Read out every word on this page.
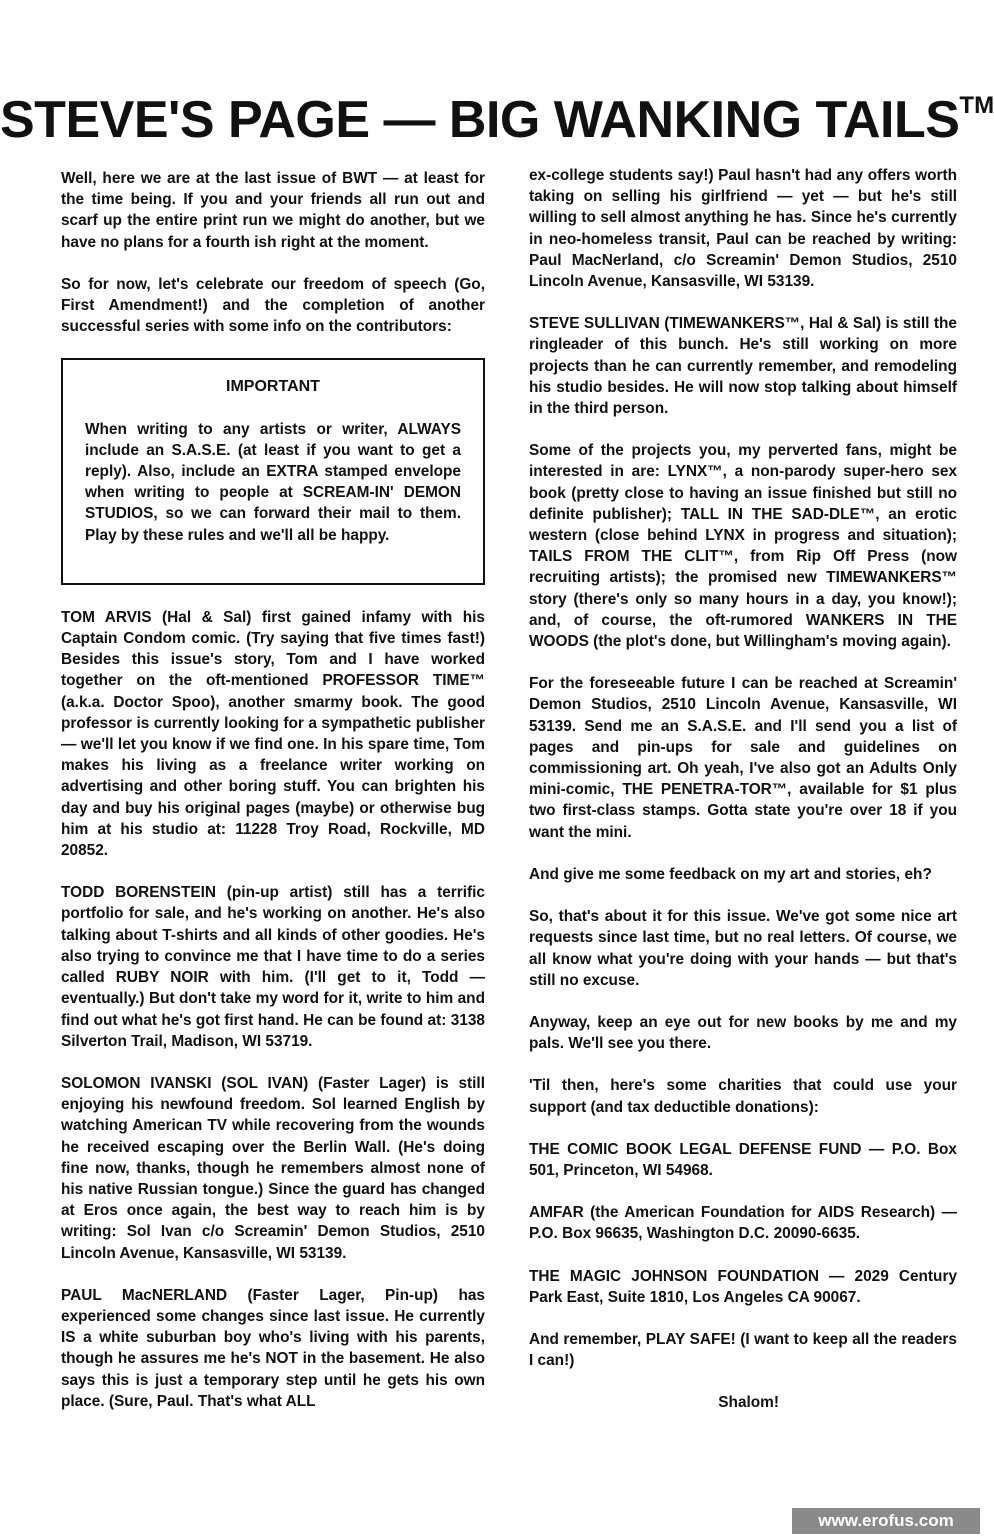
STEVE'S PAGE — BIG WANKING TAILS™

Well, here we are at the last issue of BWT — at least for the time being. If you and your friends all run out and scarf up the entire print run we might do another, but we have no plans for a fourth ish right at the moment.

So for now, let's celebrate our freedom of speech (Go, First Amendment!) and the completion of another successful series with some info on the contributors:

IMPORTANT

When writing to any artists or writer, ALWAYS include an S.A.S.E. (at least if you want to get a reply). Also, include an EXTRA stamped envelope when writing to people at SCREAM-IN' DEMON STUDIOS, so we can forward their mail to them. Play by these rules and we'll all be happy.

TOM ARVIS (Hal & Sal) first gained infamy with his Captain Condom comic. (Try saying that five times fast!) Besides this issue's story, Tom and I have worked together on the oft-mentioned PROFESSOR TIME™ (a.k.a. Doctor Spoo), another smarmy book. The good professor is currently looking for a sympathetic publisher — we'll let you know if we find one. In his spare time, Tom makes his living as a freelance writer working on advertising and other boring stuff. You can brighten his day and buy his original pages (maybe) or otherwise bug him at his studio at: 11228 Troy Road, Rockville, MD 20852.

TODD BORENSTEIN (pin-up artist) still has a terrific portfolio for sale, and he's working on another. He's also talking about T-shirts and all kinds of other goodies. He's also trying to convince me that I have time to do a series called RUBY NOIR with him. (I'll get to it, Todd — eventually.) But don't take my word for it, write to him and find out what he's got first hand. He can be found at: 3138 Silverton Trail, Madison, WI 53719.

SOLOMON IVANSKI (SOL IVAN) (Faster Lager) is still enjoying his newfound freedom. Sol learned English by watching American TV while recovering from the wounds he received escaping over the Berlin Wall. (He's doing fine now, thanks, though he remembers almost none of his native Russian tongue.) Since the guard has changed at Eros once again, the best way to reach him is by writing: Sol Ivan c/o Screamin' Demon Studios, 2510 Lincoln Avenue, Kansasville, WI 53139.

PAUL MacNERLAND (Faster Lager, Pin-up) has experienced some changes since last issue. He currently IS a white suburban boy who's living with his parents, though he assures me he's NOT in the basement. He also says this is just a temporary step until he gets his own place. (Sure, Paul. That's what ALL

ex-college students say!) Paul hasn't had any offers worth taking on selling his girlfriend — yet — but he's still willing to sell almost anything he has. Since he's currently in neo-homeless transit, Paul can be reached by writing: Paul MacNerland, c/o Screamin' Demon Studios, 2510 Lincoln Avenue, Kansasville, WI 53139.

STEVE SULLIVAN (TIMEWANKERS™, Hal & Sal) is still the ringleader of this bunch. He's still working on more projects than he can currently remember, and remodeling his studio besides. He will now stop talking about himself in the third person.

Some of the projects you, my perverted fans, might be interested in are: LYNX™, a non-parody super-hero sex book (pretty close to having an issue finished but still no definite publisher); TALL IN THE SAD-DLE™, an erotic western (close behind LYNX in progress and situation); TAILS FROM THE CLIT™, from Rip Off Press (now recruiting artists); the promised new TIMEWANKERS™ story (there's only so many hours in a day, you know!); and, of course, the oft-rumored WANKERS IN THE WOODS (the plot's done, but Willingham's moving again).

For the foreseeable future I can be reached at Screamin' Demon Studios, 2510 Lincoln Avenue, Kansasville, WI 53139. Send me an S.A.S.E. and I'll send you a list of pages and pin-ups for sale and guidelines on commissioning art. Oh yeah, I've also got an Adults Only mini-comic, THE PENETRA-TOR™, available for $1 plus two first-class stamps. Gotta state you're over 18 if you want the mini.

And give me some feedback on my art and stories, eh?

So, that's about it for this issue. We've got some nice art requests since last time, but no real letters. Of course, we all know what you're doing with your hands — but that's still no excuse.

Anyway, keep an eye out for new books by me and my pals. We'll see you there.

'Til then, here's some charities that could use your support (and tax deductible donations):

THE COMIC BOOK LEGAL DEFENSE FUND — P.O. Box 501, Princeton, WI 54968.

AMFAR (the American Foundation for AIDS Research) — P.O. Box 96635, Washington D.C. 20090-6635.

THE MAGIC JOHNSON FOUNDATION — 2029 Century Park East, Suite 1810, Los Angeles CA 90067.

And remember, PLAY SAFE! (I want to keep all the readers I can!)

Shalom!

www.erofus.com
